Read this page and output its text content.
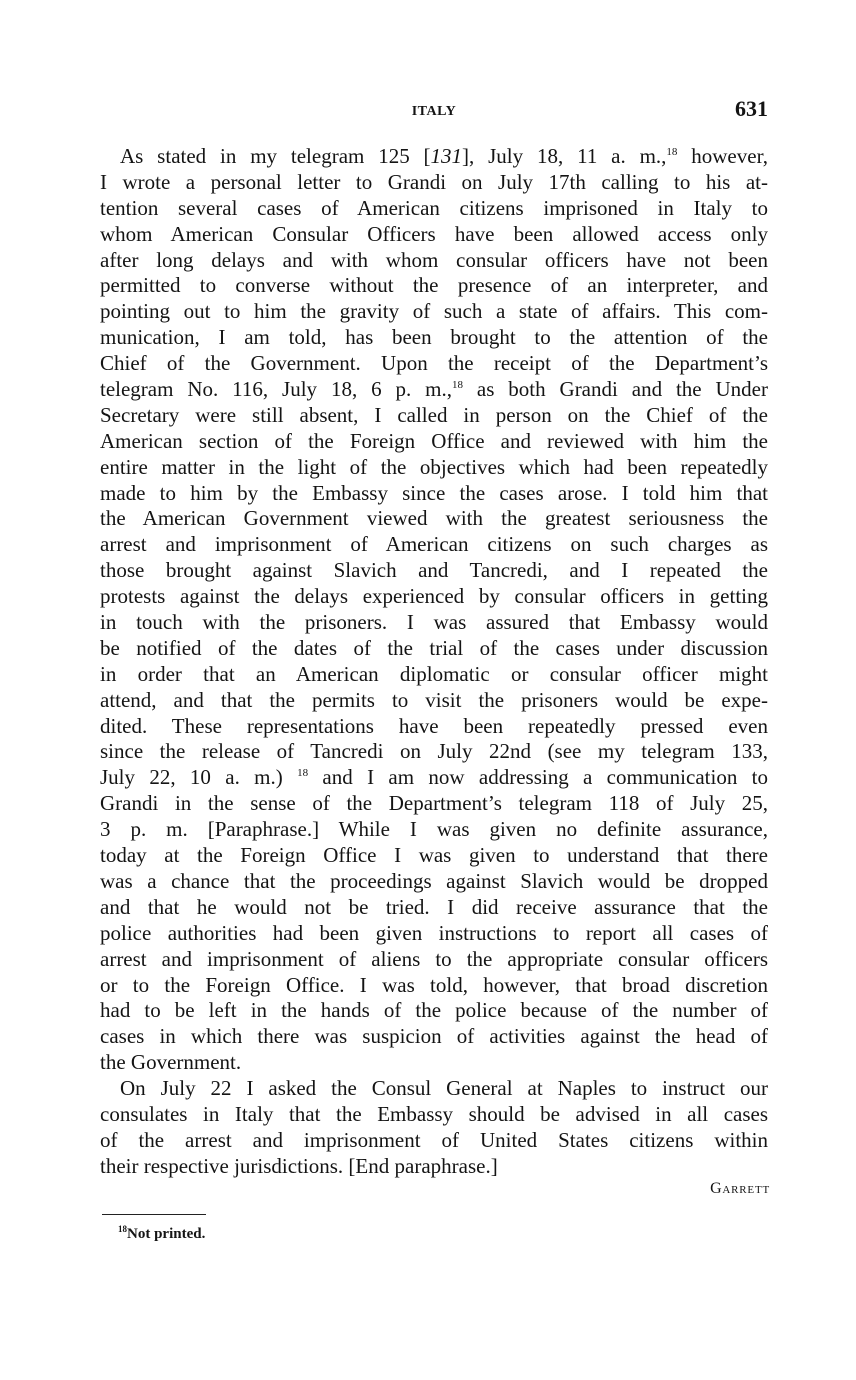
ITALY	631
As stated in my telegram 125 [131], July 18, 11 a. m.,$^{18}$ however,
I wrote a personal letter to Grandi on July 17th calling to his at-
tention several cases of American citizens imprisoned in Italy to
whom American Consular Officers have been allowed access only
after long delays and with whom consular officers have not been
permitted to converse without the presence of an interpreter, and
pointing out to him the gravity of such a state of affairs. This com-
munication, I am told, has been brought to the attention of the
Chief of the Government. Upon the receipt of the Department’s
telegram No. 116, July 18, 6 p. m.,$^{18}$ as both Grandi and the Under
Secretary were still absent, I called in person on the Chief of the
American section of the Foreign Office and reviewed with him the
entire matter in the light of the objectives which had been repeatedly
made to him by the Embassy since the cases arose. I told him that
the American Government viewed with the greatest seriousness the
arrest and imprisonment of American citizens on such charges as
those brought against Slavich and Tancredi, and I repeated the
protests against the delays experienced by consular officers in getting
in touch with the prisoners. I was assured that Embassy would
be notified of the dates of the trial of the cases under discussion
in order that an American diplomatic or consular officer might
attend, and that the permits to visit the prisoners would be expe-
dited. These representations have been repeatedly pressed even
since the release of Tancredi on July 22nd (see my telegram 133,
July 22, 10 a. m.) $^{18}$ and I am now addressing a communication to
Grandi in the sense of the Department’s telegram 118 of July 25,
3 p. m. [Paraphrase.] While I was given no definite assurance,
today at the Foreign Office I was given to understand that there
was a chance that the proceedings against Slavich would be dropped
and that he would not be tried. I did receive assurance that the
police authorities had been given instructions to report all cases of
arrest and imprisonment of aliens to the appropriate consular officers
or to the Foreign Office. I was told, however, that broad discretion
had to be left in the hands of the police because of the number of
cases in which there was suspicion of activities against the head of
the Government.
On July 22 I asked the Consul General at Naples to instruct our
consulates in Italy that the Embassy should be advised in all cases
of the arrest and imprisonment of United States citizens within
their respective jurisdictions. [End paraphrase.]
Garrett
$^{18}$Not printed.
